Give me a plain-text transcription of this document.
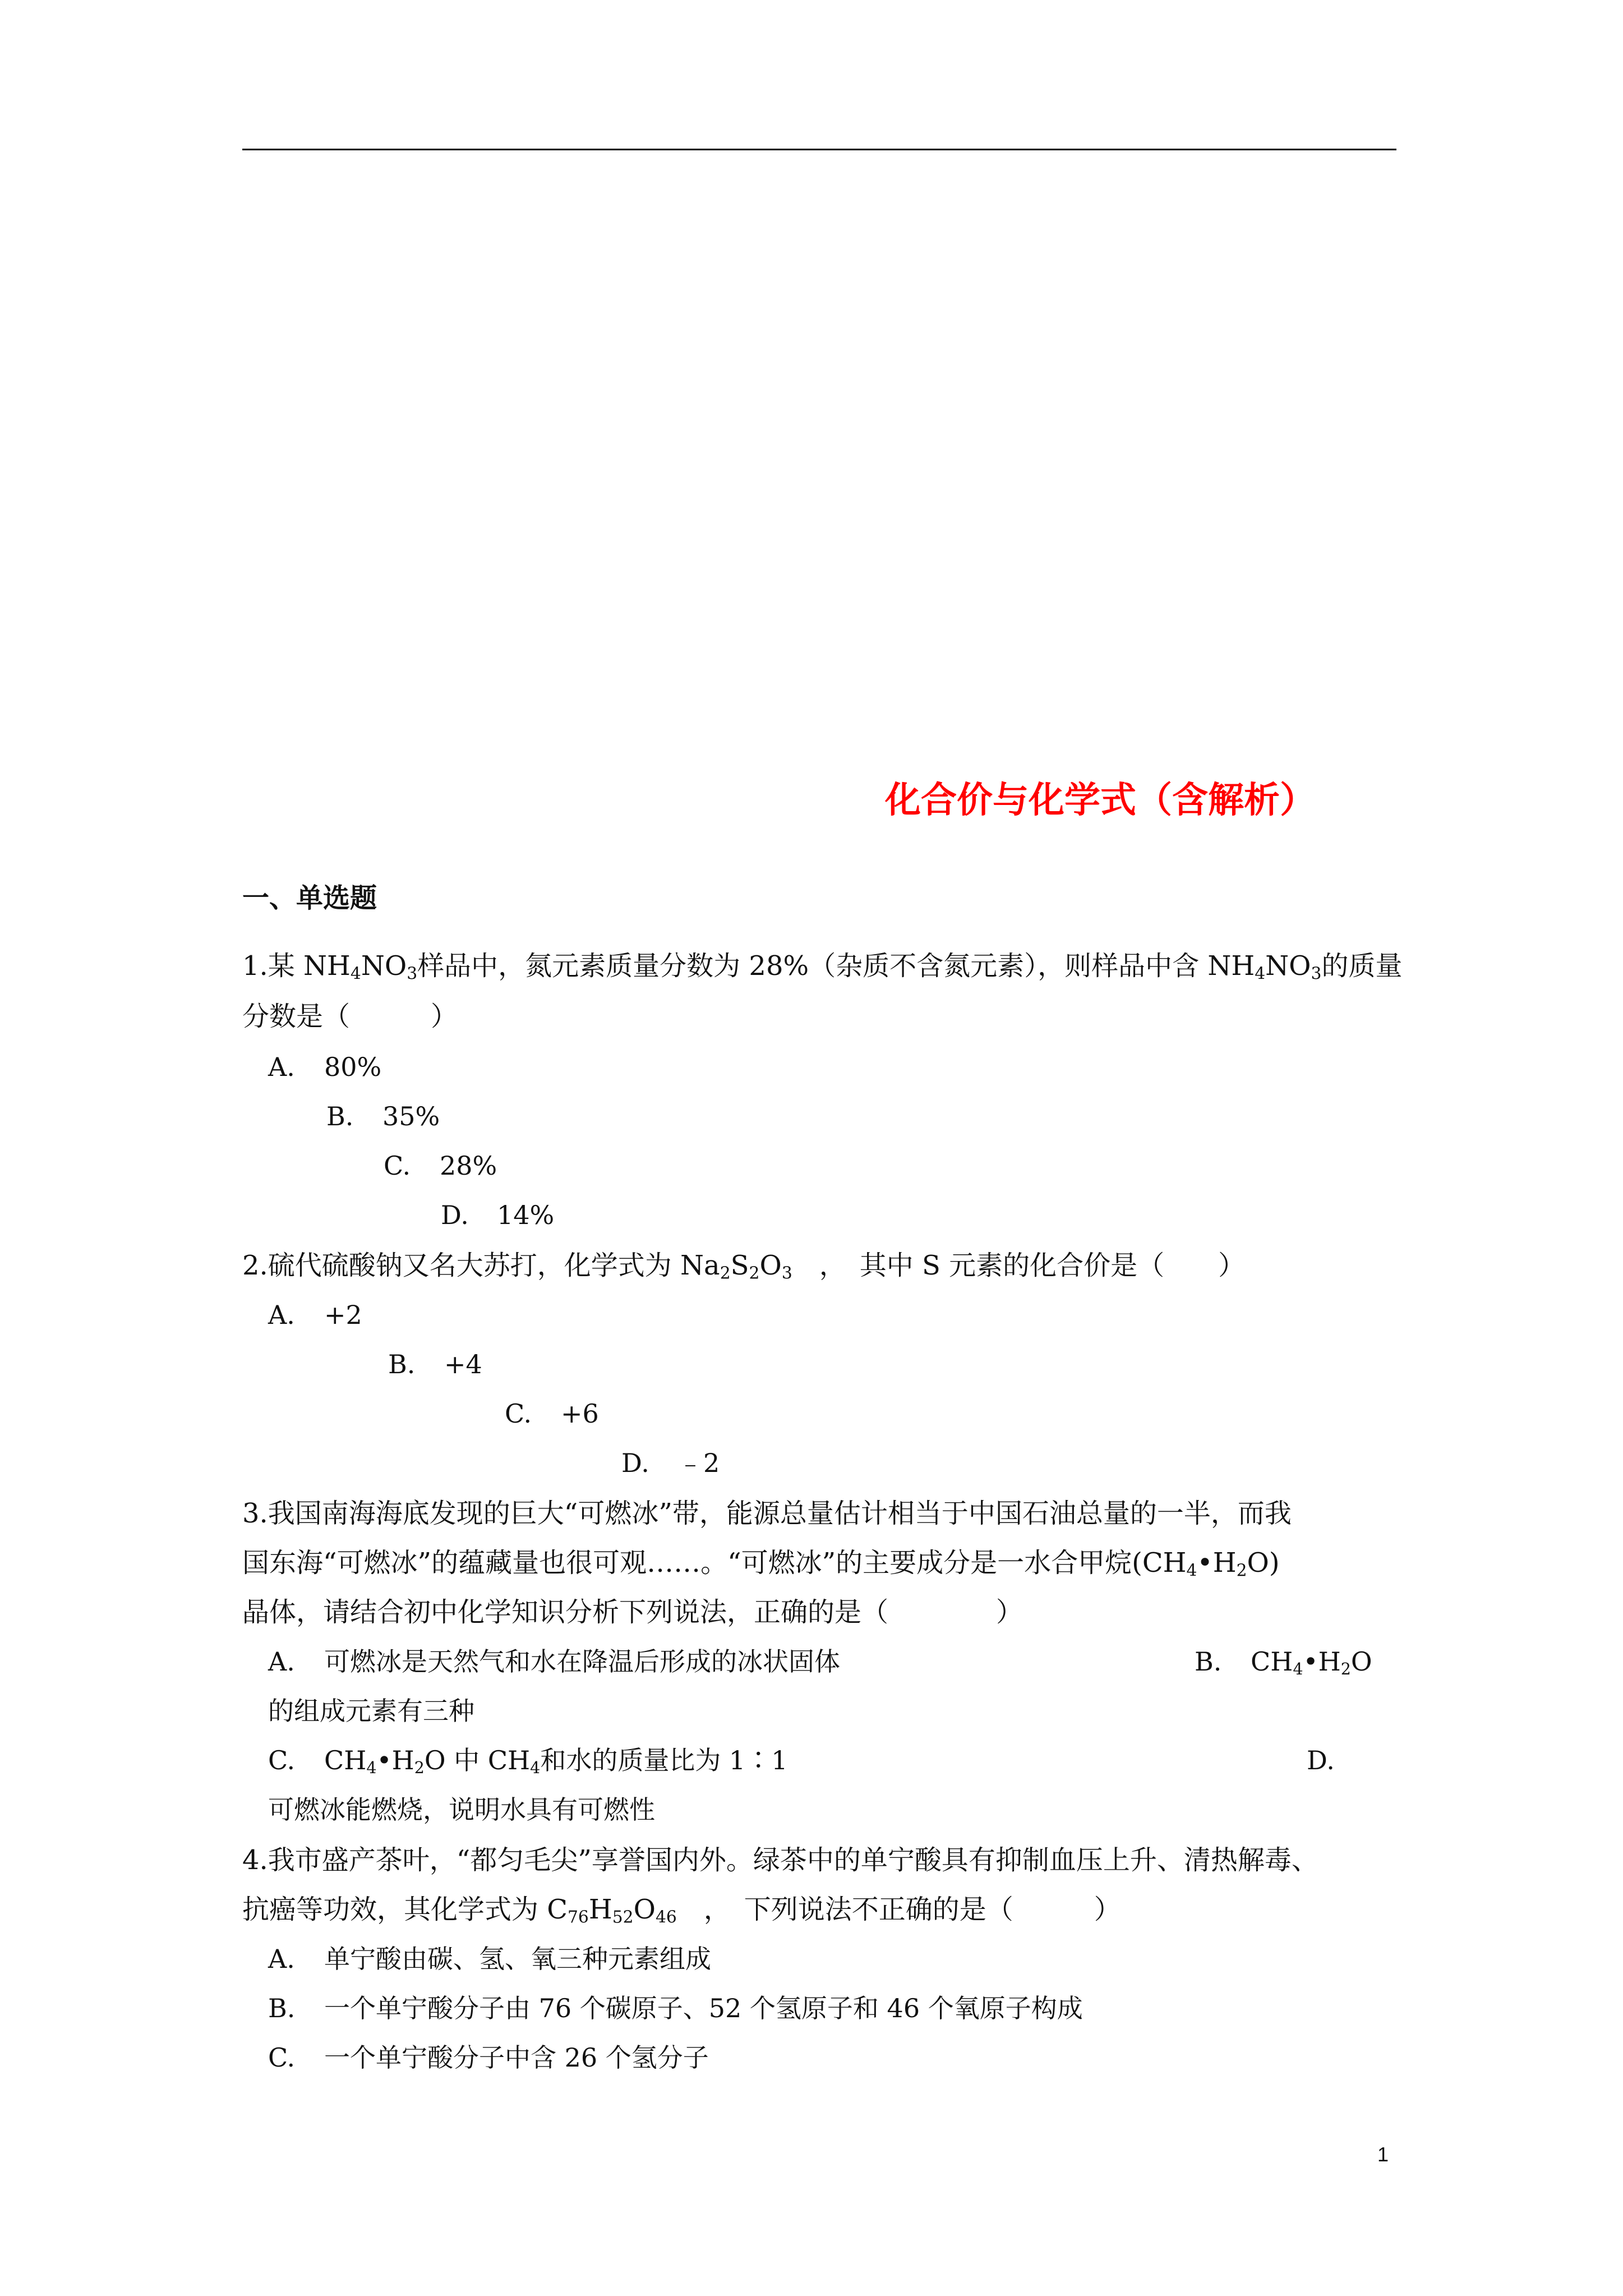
化合价与化学式（含解析）
一、单选题
1.某 $NH_4NO_3$样品中，氮元素质量分数为 28%（杂质不含氮元素），则样品中含 $NH_4NO_3$的质量
分数是（　　　）
A. 80%
B. 35%
C. 28%
D. 14%
2.硫代硫酸钠又名大苏打，化学式为 $Na_2S_2O_3$　，　其中 S 元素的化合价是（　　）
A. +2
B. +4
C. +6
D. ﹣2
3.我国南海海底发现的巨大“可燃冰”带，能源总量估计相当于中国石油总量的一半，而我
国东海“可燃冰”的蕴藏量也很可观……。“可燃冰”的主要成分是一水合甲烷$(CH_4•H_2O)$
晶体，请结合初中化学知识分析下列说法，正确的是（　　　　）
A. 可燃冰是天然气和水在降温后形成的冰状固体	B. $CH_4•H_2O$
的组成元素有三种
C. $CH_4•H_2O$ 中 $CH_4$和水的质量比为 1∶1	D.
可燃冰能燃烧，说明水具有可燃性
4.我市盛产茶叶，“都匀毛尖”享誉国内外。绿茶中的单宁酸具有抑制血压上升、清热解毒、
抗癌等功效，其化学式为 $C_{76}H_{52}O_{46}$　，　下列说法不正确的是（　　　）
A. 单宁酸由碳、氢、氧三种元素组成
B. 一个单宁酸分子由 76 个碳原子、52 个氢原子和 46 个氧原子构成
C. 一个单宁酸分子中含 26 个氢分子
1
